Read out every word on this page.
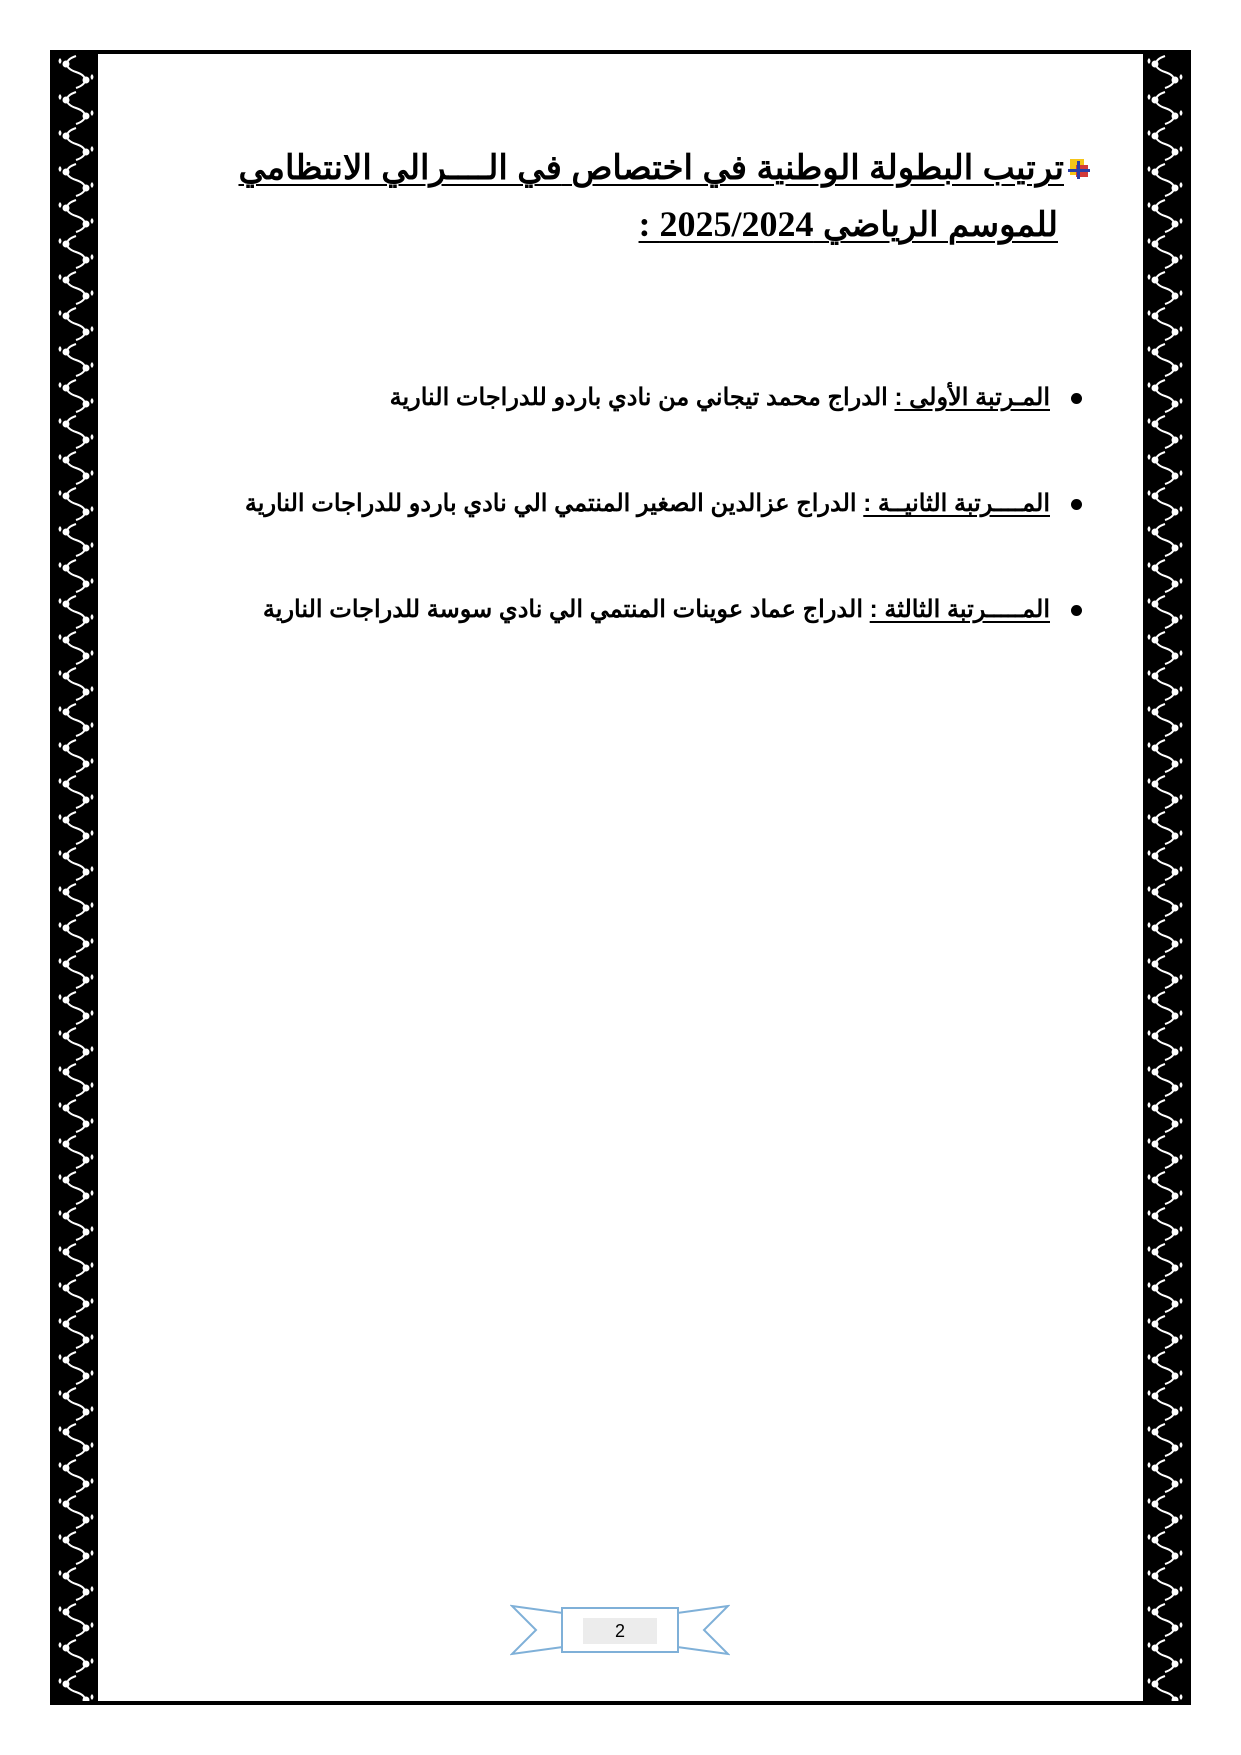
ترتيب البطولة الوطنية في اختصاص في الــــرالي الانتظامي
للموسم الرياضي 2025/2024 :
المـرتبة الأولى : الدراج محمد تيجاني من نادي باردو للدراجات النارية
المــــرتبة الثانيــة : الدراج عزالدين الصغير المنتمي الي نادي باردو للدراجات النارية
المـــــرتبة الثالثة : الدراج عماد عوينات المنتمي الي نادي سوسة للدراجات النارية
2
